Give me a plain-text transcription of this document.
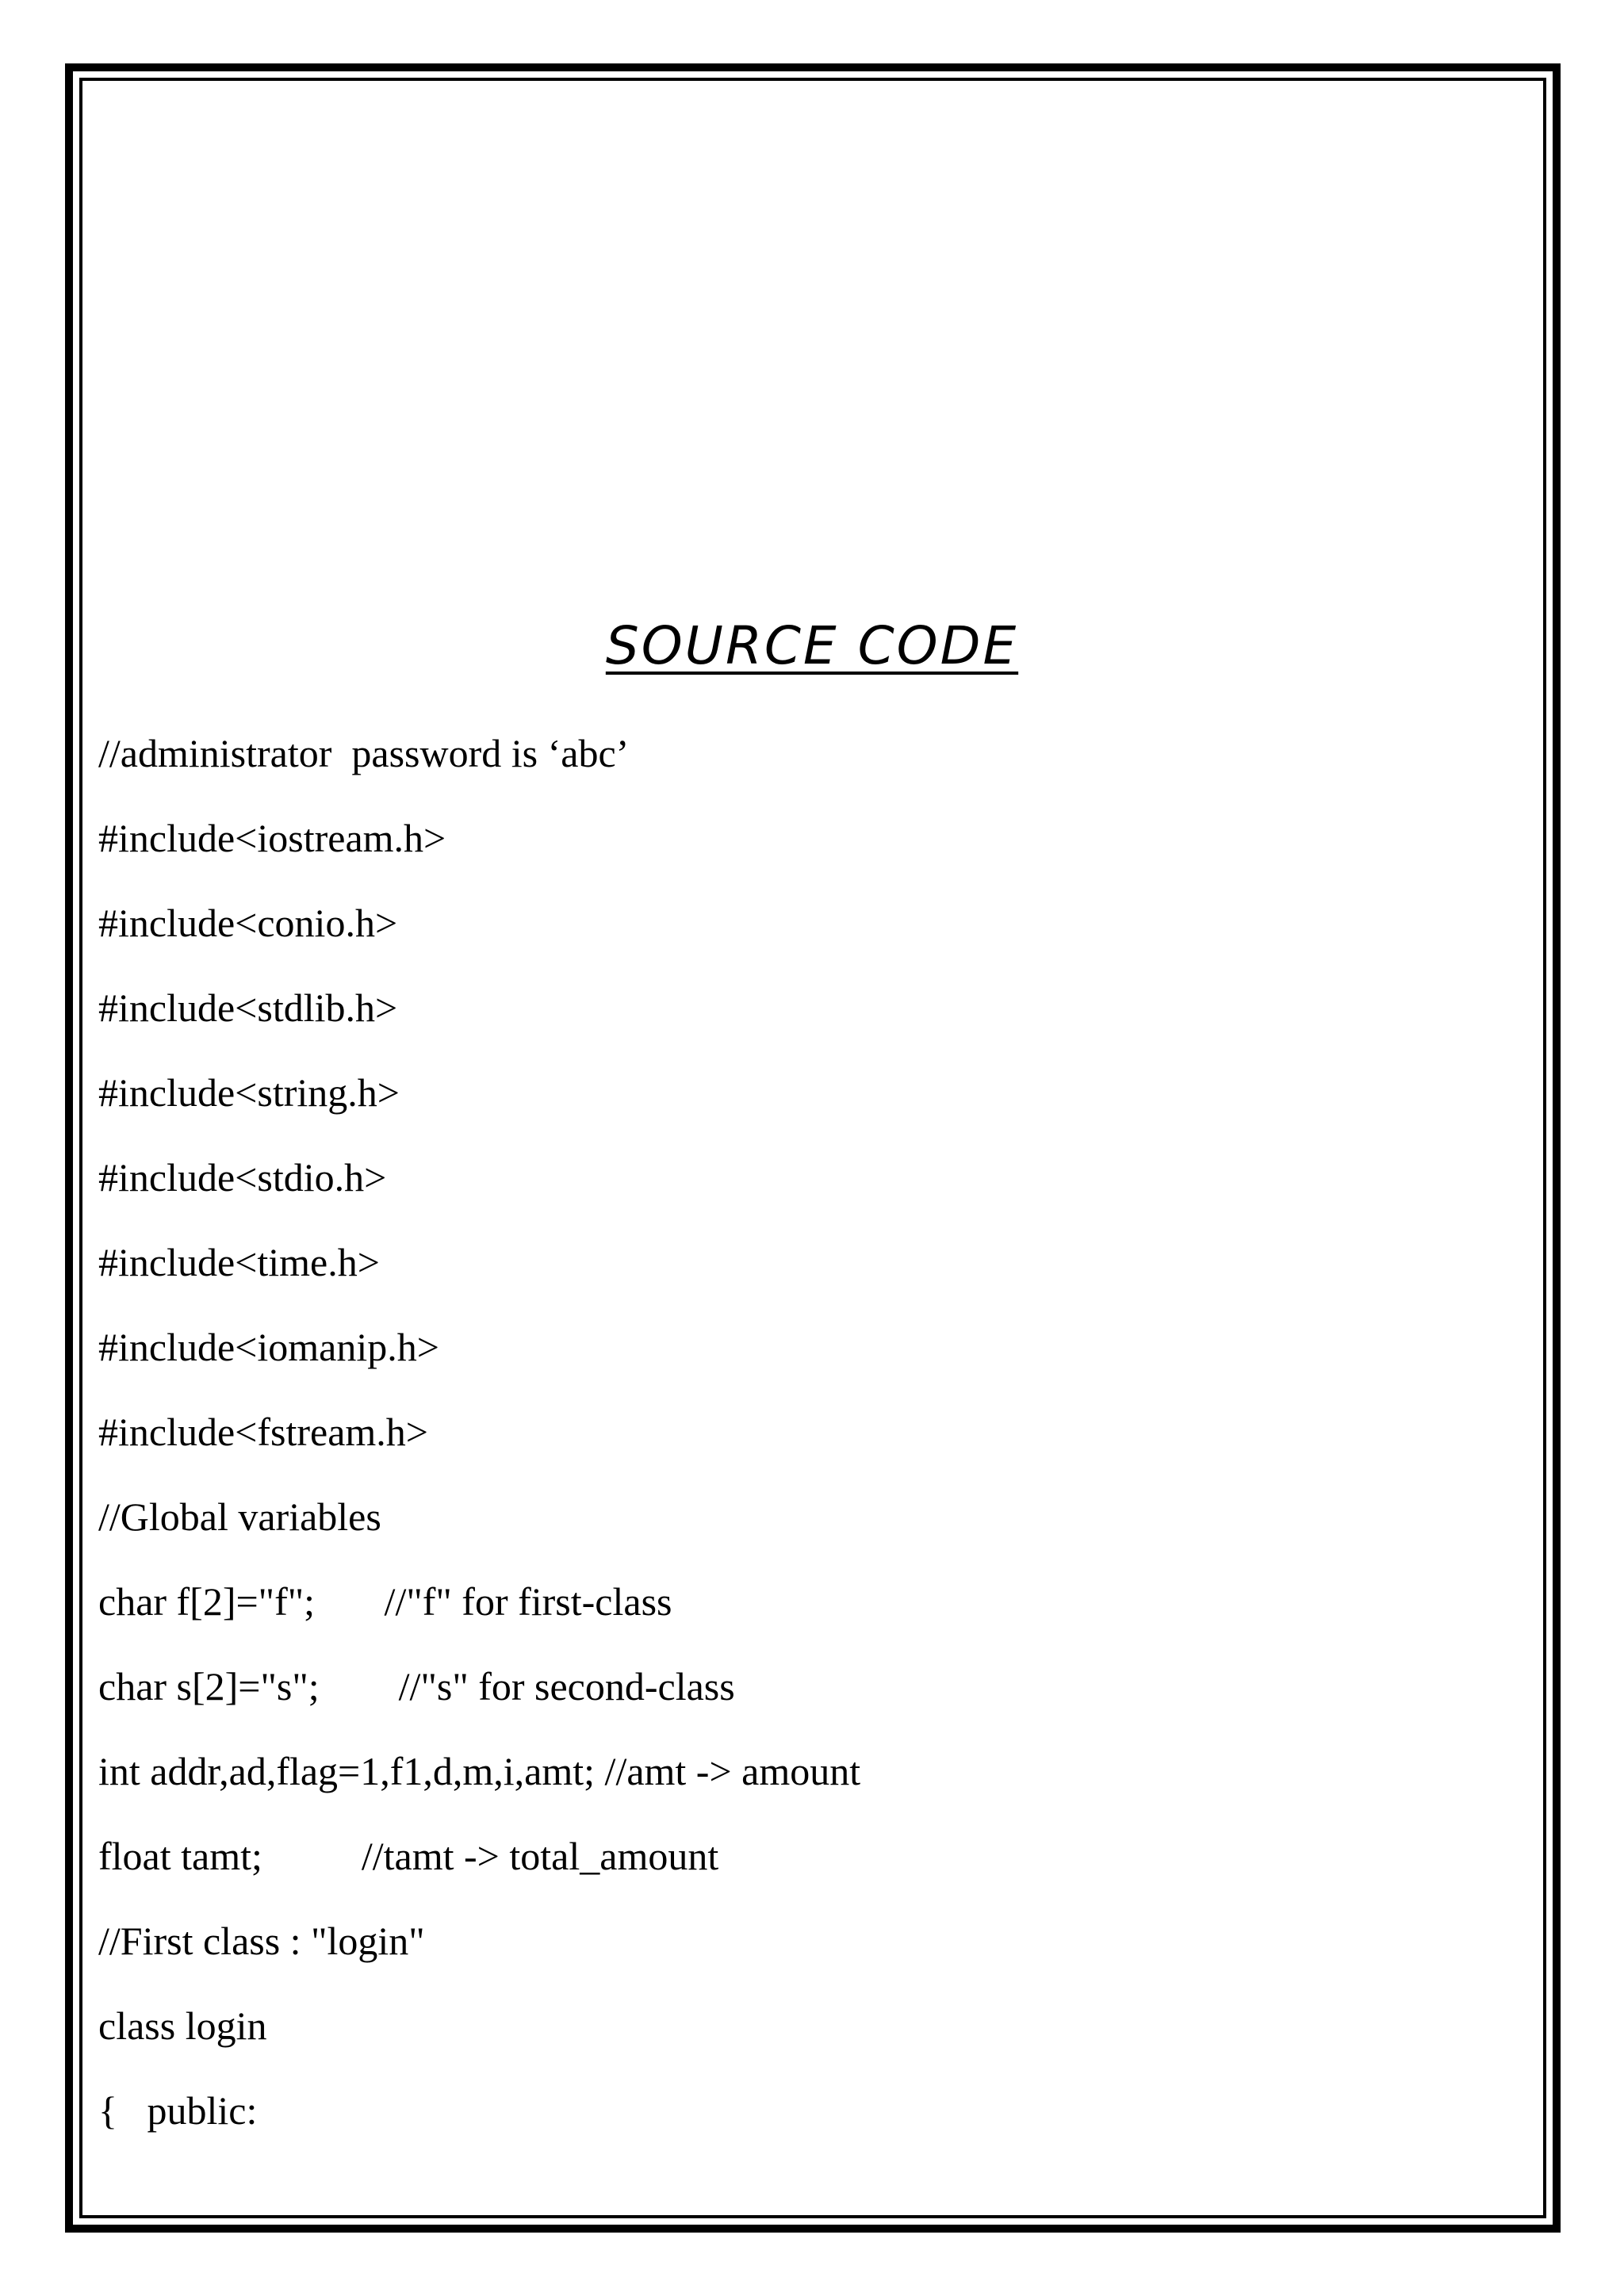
SOURCE CODE
//administrator  password is ‘abc’
#include<iostream.h>
#include<conio.h>
#include<stdlib.h>
#include<string.h>
#include<stdio.h>
#include<time.h>
#include<iomanip.h>
#include<fstream.h>
//Global variables
char f[2]="f";       //"f" for first-class
char s[2]="s";        //"s" for second-class
int addr,ad,flag=1,f1,d,m,i,amt; //amt -> amount
float tamt;          //tamt -> total_amount
//First class : "login"
class login
{   public:
